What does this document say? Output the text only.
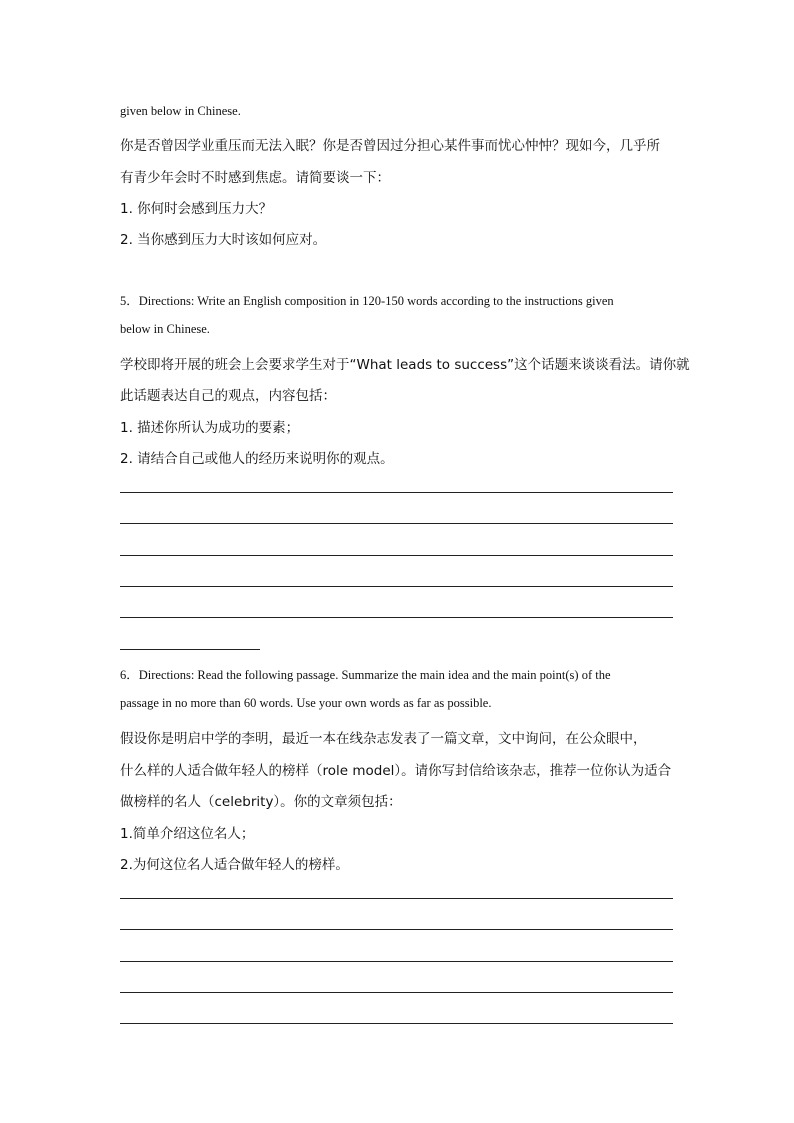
given below in Chinese.
你是否曾因学业重压而无法入眠？你是否曾因过分担心某件事而忧心忡忡？现如今，几乎所
有青少年会时不时感到焦虑。请简要谈一下：
1. 你何时会感到压力大？
2. 当你感到压力大时该如何应对。
5．Directions: Write an English composition in 120-150 words according to the instructions given
below in Chinese.
学校即将开展的班会上会要求学生对于“What leads to success”这个话题来谈谈看法。请你就
此话题表达自己的观点，内容包括：
1. 描述你所认为成功的要素；
2. 请结合自己或他人的经历来说明你的观点。
6．Directions: Read the following passage. Summarize the main idea and the main point(s) of the
passage in no more than 60 words. Use your own words as far as possible.
假设你是明启中学的李明，最近一本在线杂志发表了一篇文章，文中询问，在公众眼中，
什么样的人适合做年轻人的榜样（role model）。请你写封信给该杂志，推荐一位你认为适合
做榜样的名人（celebrity）。你的文章须包括：
1.简单介绍这位名人；
2.为何这位名人适合做年轻人的榜样。
